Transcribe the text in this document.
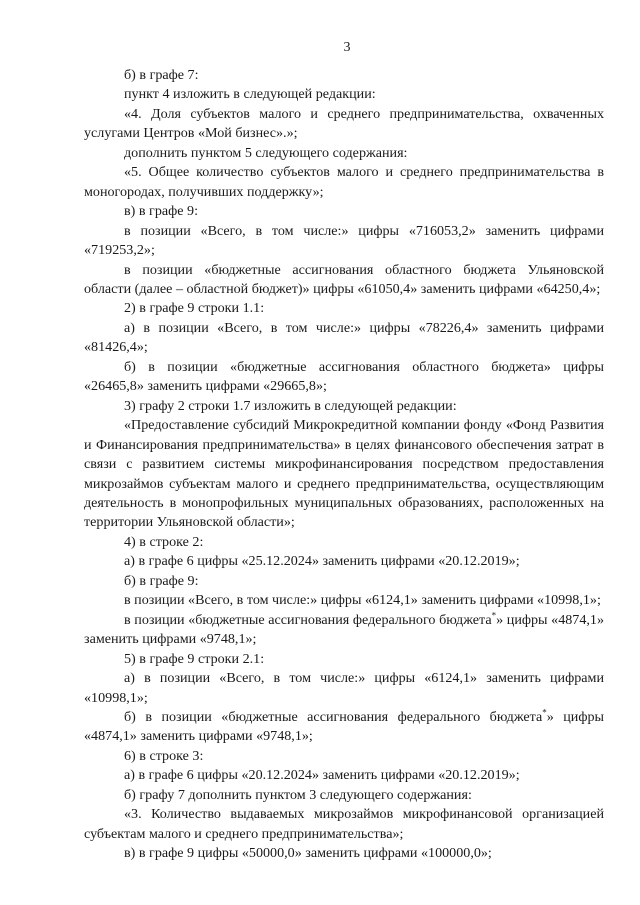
3

б) в графе 7:

пункт 4 изложить в следующей редакции:

«4. Доля субъектов малого и среднего предпринимательства, охваченных услугами Центров «Мой бизнес».»;

дополнить пунктом 5 следующего содержания:

«5. Общее количество субъектов малого и среднего предпринимательства в моногородах, получивших поддержку»;

в) в графе 9:

в позиции «Всего, в том числе:» цифры «716053,2» заменить цифрами «719253,2»;

в позиции «бюджетные ассигнования областного бюджета Ульяновской области (далее – областной бюджет)» цифры «61050,4» заменить цифрами «64250,4»;

2) в графе 9 строки 1.1:

а) в позиции «Всего, в том числе:» цифры «78226,4» заменить цифрами «81426,4»;

б) в позиции «бюджетные ассигнования областного бюджета» цифры «26465,8» заменить цифрами «29665,8»;

3) графу 2 строки 1.7 изложить в следующей редакции:

«Предоставление субсидий Микрокредитной компании фонду «Фонд Развития и Финансирования предпринимательства» в целях финансового обеспечения затрат в связи с развитием системы микрофинансирования посредством предоставления микрозаймов субъектам малого и среднего предпринимательства, осуществляющим деятельность в монопрофильных муниципальных образованиях, расположенных на территории Ульяновской области»;

4) в строке 2:

а) в графе 6 цифры «25.12.2024» заменить цифрами «20.12.2019»;

б) в графе 9:

в позиции «Всего, в том числе:» цифры «6124,1» заменить цифрами «10998,1»;

в позиции «бюджетные ассигнования федерального бюджета*» цифры «4874,1» заменить цифрами «9748,1»;

5) в графе 9 строки 2.1:

а) в позиции «Всего, в том числе:» цифры «6124,1» заменить цифрами «10998,1»;

б) в позиции «бюджетные ассигнования федерального бюджета*» цифры «4874,1» заменить цифрами «9748,1»;

6) в строке 3:

а) в графе 6 цифры «20.12.2024» заменить цифрами «20.12.2019»;

б) графу 7 дополнить пунктом 3 следующего содержания:

«3. Количество выдаваемых микрозаймов микрофинансовой организацией субъектам малого и среднего предпринимательства»;

в) в графе 9 цифры «50000,0» заменить цифрами «100000,0»;
